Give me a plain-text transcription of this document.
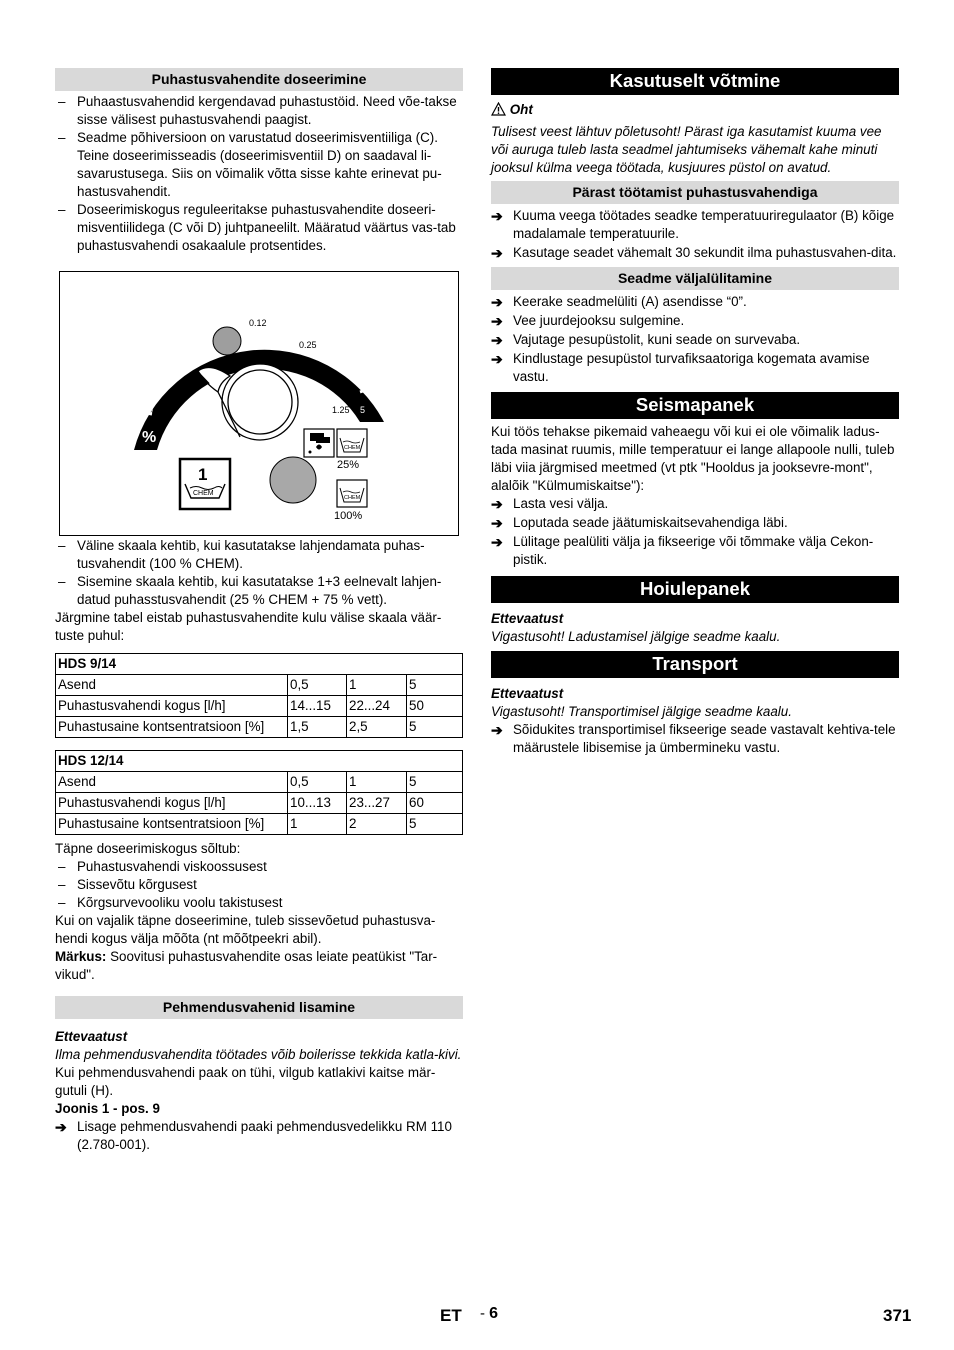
Puhastusvahendite doseerimine
– Puhaastusvahendid kergendavad puhastustöid. Need võe-takse sisse välisest puhastusvahendi paagist.
– Seadme põhiversioon on varustatud doseerimisventiiliga (C). Teine doseerimisseadis (doseerimisventiil D) on saadaval li-savarustusega. Siis on võimalik võtta sisse kahte erinevat pu-hastusvahendit.
– Doseerimiskogus reguleeritakse puhastusvahendite doseeri-misventiilidega (C või D) juhtpaneelilt. Määratud väärtus vas-tab puhastusvahendi osakaalule protsentides.
0
0.5
1
5
%
0.12
0.25
1.25
1
CHEM
CHEM
25%
CHEM
100%
– Väline skaala kehtib, kui kasutatakse lahjendamata puhas-tusvahendit (100 % CHEM).
– Sisemine skaala kehtib, kui kasutatakse 1+3 eelnevalt lahjen-datud puhasstusvahendit (25 % CHEM + 75 % vett).

Järgmine tabel eistab puhastusvahendite kulu välise skaala väär-tuste puhul:

HDS 9/14			
Asend	0,5	1	5
Puhastusvahendi kogus [l/h]	14...15	22...24	50
Puhastusaine kontsentratsioon [%]	1,5	2,5	5
HDS 12/14			
Asend	0,5	1	5
Puhastusvahendi kogus [l/h]	10...13	23...27	60
Puhastusaine kontsentratsioon [%]	1	2	5

Täpne doseerimiskogus sõltub:

– Puhastusvahendi viskoossusest
– Sissevõtu kõrgusest
– Kõrgsurvevooliku voolu takistusest

Kui on vajalik täpne doseerimine, tuleb sissevõetud puhastusva-hendi kogus välja mõõta (nt mõõtpeekri abil).

Märkus: Soovitusi puhastusvahendite osas leiate peatükist "Tar-vikud".

Pehmendusvahenid lisamine

Ettevaatust

Ilma pehmendusvahendita töötades võib boilerisse tekkida katla-kivi.

Kui pehmendusvahendi paak on tühi, vilgub katlakivi kaitse mär-gutuli (H).

Joonis 1 - pos. 9

➔ Lisage pehmendusvahendi paaki pehmendusvedelikku RM 110 (2.780-001).
Kasutuselt võtmine

Oht

Tulisest veest lähtuv põletusoht! Pärast iga kasutamist kuuma vee või auruga tuleb lasta seadmel jahtumiseks vähemalt kahe minuti jooksul külma veega töötada, kusjuures püstol on avatud.

Pärast töötamist puhastusvahendiga
➔ Kuuma veega töötades seadke temperatuuriregulaator (B) kõige madalamale temperatuurile.
➔ Kasutage seadet vähemalt 30 sekundit ilma puhastusvahen-dita.
Seadme väljalülitamine
➔ Keerake seadmelüliti (A) asendisse “0”.
➔ Vee juurdejooksu sulgemine.
➔ Vajutage pesupüstolit, kuni seade on survevaba.
➔ Kindlustage pesupüstol turvafiksaatoriga kogemata avamise vastu.
Seismapanek

Kui töös tehakse pikemaid vaheaegu või kui ei ole võimalik ladus-tada masinat ruumis, mille temperatuur ei lange allapoole nulli, tuleb läbi viia järgmised meetmed (vt ptk "Hooldus ja jooksevre-mont", alalõik "Külmumiskaitse"):

➔ Lasta vesi välja.
➔ Loputada seade jäätumiskaitsevahendiga läbi.
➔ Lülitage pealüliti välja ja fikseerige või tõmmake välja Cekon-pistik.
Hoiulepanek

Ettevaatust

Vigastusoht! Ladustamisel jälgige seadme kaalu.

Transport

Ettevaatust

Vigastusoht! Transportimisel jälgige seadme kaalu.

➔ Sõidukites transportimisel fikseerige seade vastavalt kehtiva-tele määrustele libisemise ja ümbermineku vastu.
ET - 6	371
